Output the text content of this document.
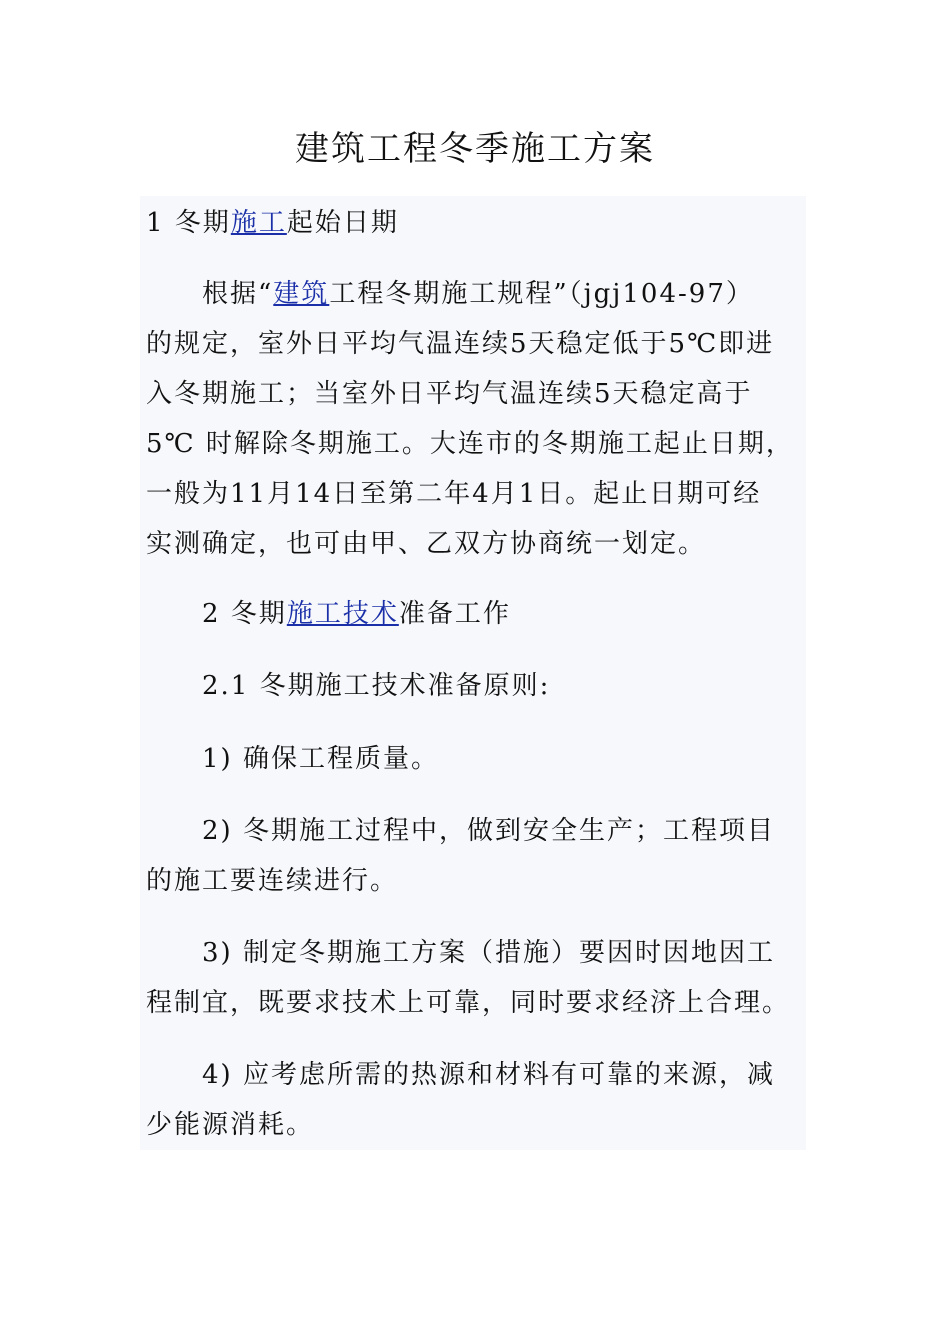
建筑工程冬季施工方案

1 冬期施工起始日期

根据“建筑工程冬期施工规程”（jgj104-97）

的规定，室外日平均气温连续5天稳定低于5℃即进

入冬期施工；当室外日平均气温连续5天稳定高于

5℃ 时解除冬期施工。大连市的冬期施工起止日期，

一般为11月14日至第二年4月1日。起止日期可经

实测确定，也可由甲、乙双方协商统一划定。

2 冬期施工技术准备工作

2.1 冬期施工技术准备原则:

1) 确保工程质量。

2) 冬期施工过程中，做到安全生产；工程项目

的施工要连续进行。

3) 制定冬期施工方案（措施）要因时因地因工

程制宜，既要求技术上可靠，同时要求经济上合理。

4) 应考虑所需的热源和材料有可靠的来源，减

少能源消耗。
